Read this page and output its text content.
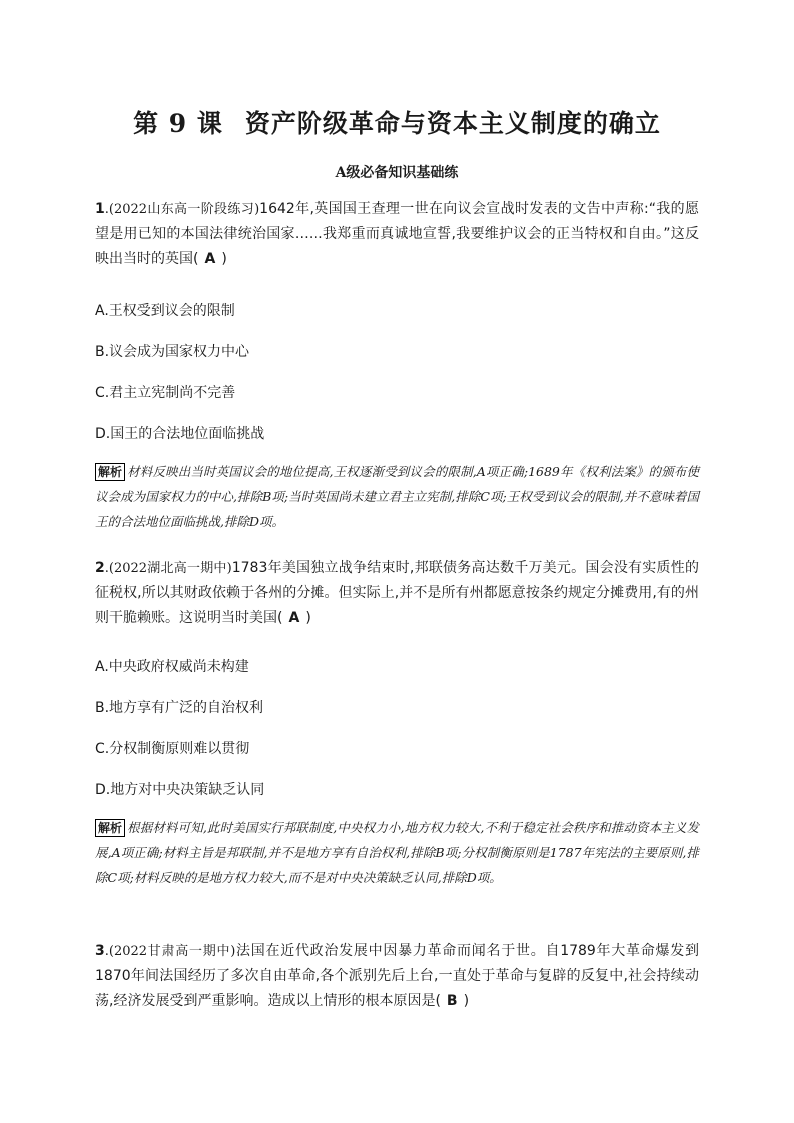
第 9 课 资产阶级革命与资本主义制度的确立
A级必备知识基础练
1.(2022山东高一阶段练习)1642年,英国国王查理一世在向议会宣战时发表的文告中声称:“我的愿望是用已知的本国法律统治国家……我郑重而真诚地宣誓,我要维护议会的正当特权和自由。”这反映出当时的英国( A )
A.王权受到议会的限制
B.议会成为国家权力中心
C.君主立宪制尚不完善
D.国王的合法地位面临挑战
解析 材料反映出当时英国议会的地位提高,王权逐渐受到议会的限制,A项正确;1689年《权利法案》的颁布使议会成为国家权力的中心,排除B项;当时英国尚未建立君主立宪制,排除C项;王权受到议会的限制,并不意味着国王的合法地位面临挑战,排除D项。
2.(2022湖北高一期中)1783年美国独立战争结束时,邦联债务高达数千万美元。国会没有实质性的征税权,所以其财政依赖于各州的分摊。但实际上,并不是所有州都愿意按条约规定分摊费用,有的州则干脆赖账。这说明当时美国( A )
A.中央政府权威尚未构建
B.地方享有广泛的自治权利
C.分权制衡原则难以贯彻
D.地方对中央决策缺乏认同
解析 根据材料可知,此时美国实行邦联制度,中央权力小,地方权力较大,不利于稳定社会秩序和推动资本主义发展,A项正确;材料主旨是邦联制,并不是地方享有自治权利,排除B项;分权制衡原则是1787年宪法的主要原则,排除C项;材料反映的是地方权力较大,而不是对中央决策缺乏认同,排除D项。
3.(2022甘肃高一期中)法国在近代政治发展中因暴力革命而闻名于世。自1789年大革命爆发到1870年间法国经历了多次自由革命,各个派别先后上台,一直处于革命与复辟的反复中,社会持续动荡,经济发展受到严重影响。造成以上情形的根本原因是( B )
